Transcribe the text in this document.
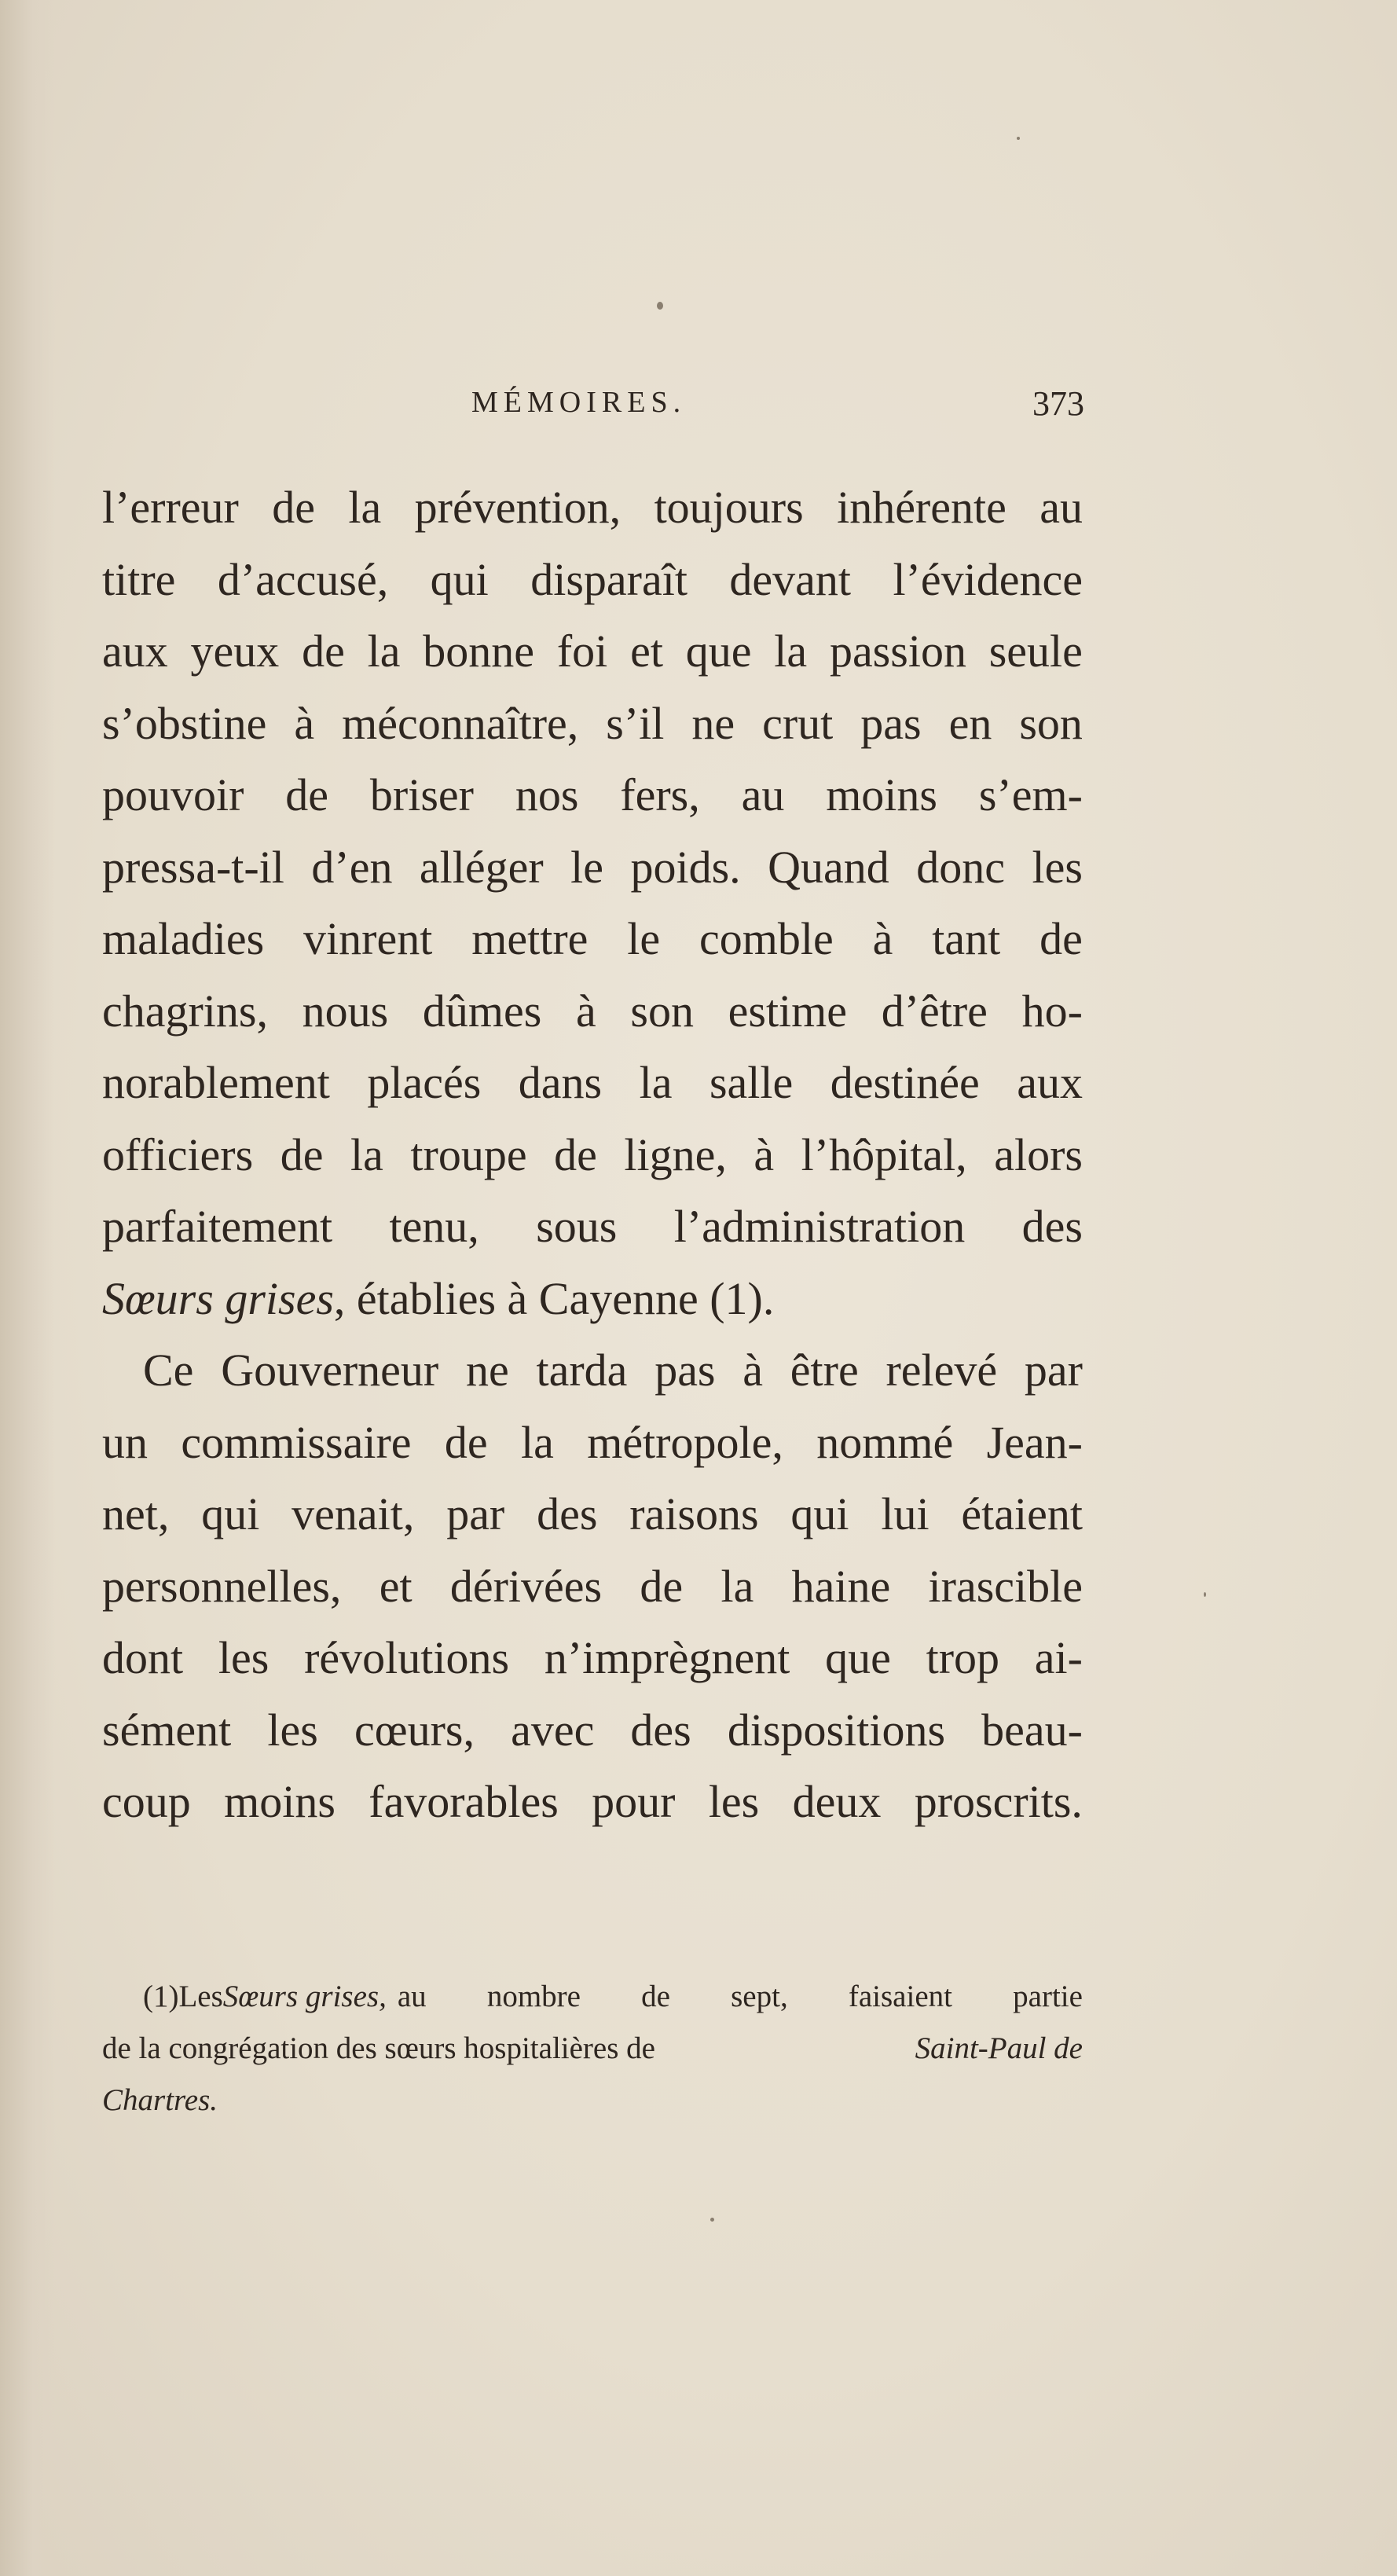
MÉMOIRES.	373
l’erreur de la prévention, toujours inhérente au
titre d’accusé, qui disparaît devant l’évidence
aux yeux de la bonne foi et que la passion seule
s’obstine à méconnaître, s’il ne crut pas en son
pouvoir de briser nos fers, au moins s’em-
pressa-t-il d’en alléger le poids. Quand donc les
maladies vinrent mettre le comble à tant de
chagrins, nous dûmes à son estime d’être ho-
norablement placés dans la salle destinée aux
officiers de la troupe de ligne, à l’hôpital, alors
parfaitement tenu, sous l’administration des
Sœurs grises , établies à Cayenne (1).
Ce Gouverneur ne tarda pas à être relevé par
un commissaire de la métropole, nommé Jean-
net, qui venait, par des raisons qui lui étaient
personnelles, et dérivées de la haine irascible
dont les révolutions n’imprègnent que trop ai-
sément les cœurs, avec des dispositions beau-
coup moins favorables pour les deux proscrits.
(1) Les Sœurs grises, au nombre de sept, faisaient partie
de la congrégation des sœurs hospitalières de	Saint-Paul de
Chartres.
